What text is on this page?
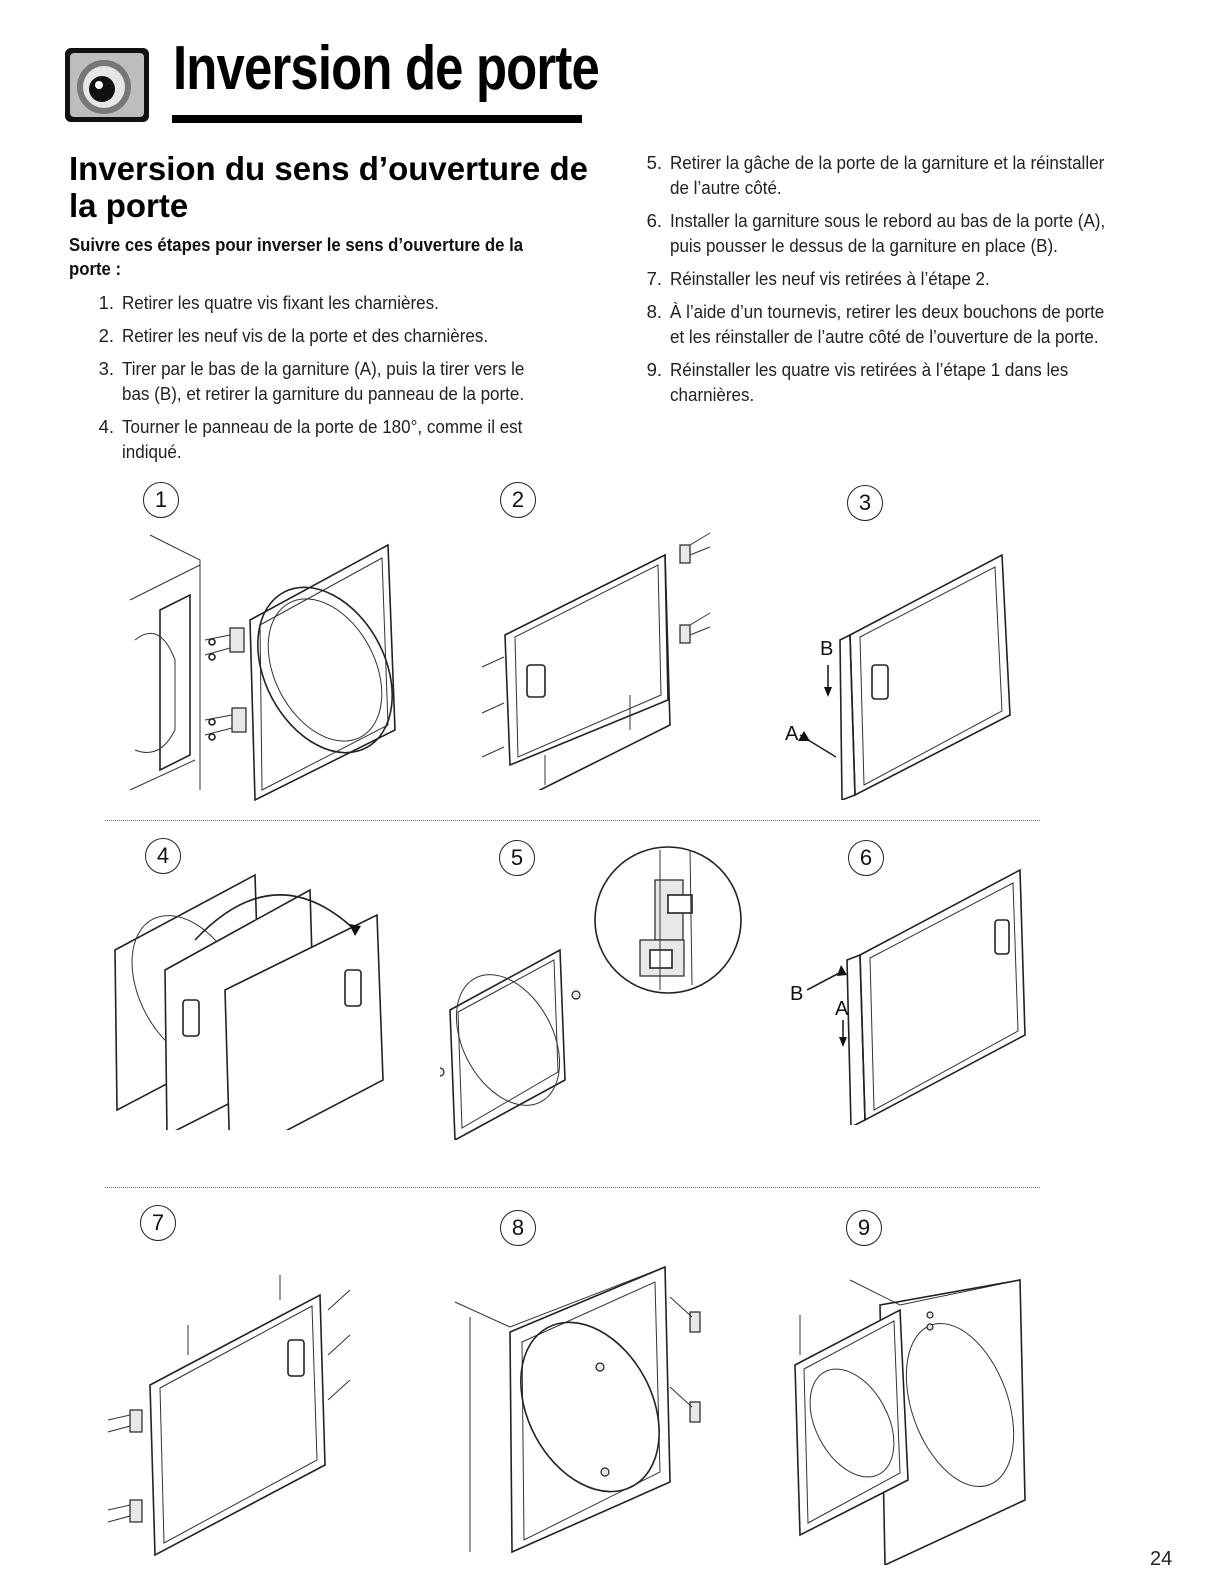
Inversion de porte
Inversion du sens d’ouverture de la porte

Suivre ces étapes pour inverser le sens d’ouverture de la porte :

1. Retirer les quatre vis fixant les charnières.
2. Retirer les neuf vis de la porte et des charnières.
3. Tirer par le bas de la garniture (A), puis la tirer vers le bas (B), et retirer la garniture du panneau de la porte.
4. Tourner le panneau de la porte de 180°, comme il est indiqué.
5. Retirer la gâche de la porte de la garniture et la réinstaller de l’autre côté.
6. Installer la garniture sous le rebord au bas de la porte (A), puis pousser le dessus de la garniture en place (B).
7. Réinstaller les neuf vis retirées à l’étape 2.
8. À l’aide d’un tournevis, retirer les deux bouchons de porte et les réinstaller de l’autre côté de l’ouverture de la porte.
9. Réinstaller les quatre vis retirées à l’étape 1 dans les charnières.
1	2	3
B
A
4	5	6
B
A
7	8	9
24
